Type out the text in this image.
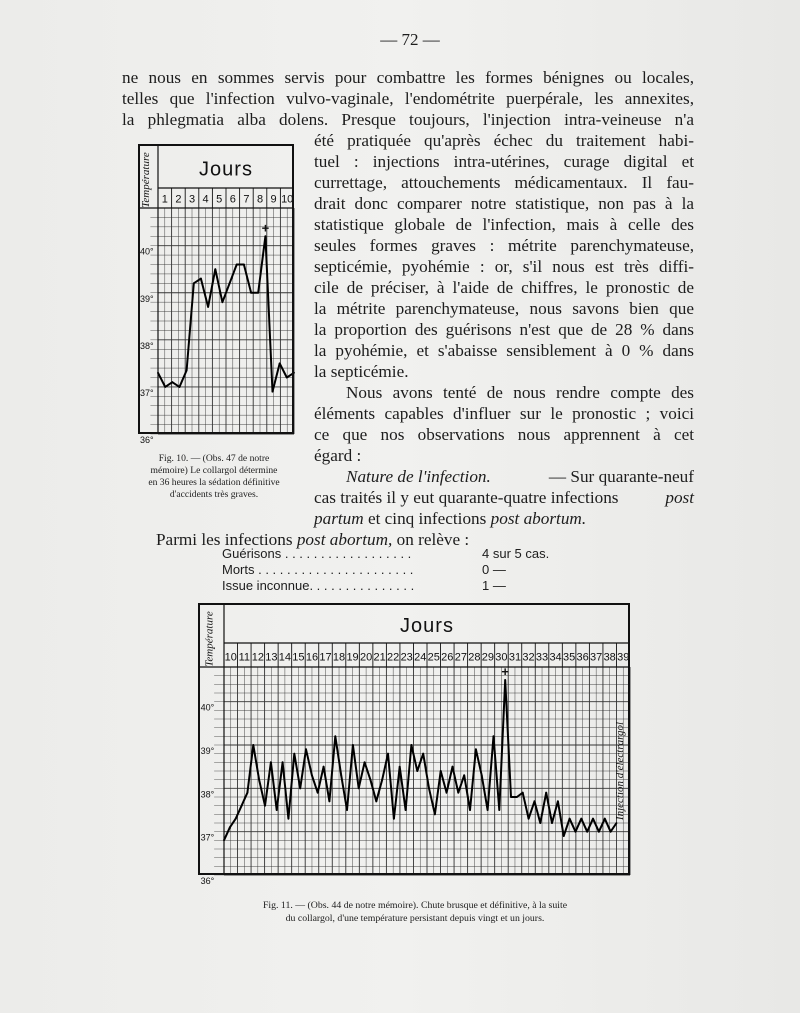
— 72 —
ne nous en sommes servis pour combattre les formes bénignes ou locales,
telles que l'infection vulvo-vaginale, l'endométrite puerpérale, les annexites,
la phlegmatia alba dolens. Presque toujours, l'injection intra-veineuse n'a
été pratiquée qu'après échec du traitement habi-
tuel : injections intra-utérines, curage digital et
currettage, attouchements médicamentaux. Il fau-
drait donc comparer notre statistique, non pas à la
statistique globale de l'infection, mais à celle des
seules formes graves : métrite parenchymateuse,
septicémie, pyohémie : or, s'il nous est très diffi-
cile de préciser, à l'aide de chiffres, le pronostic de
la métrite parenchymateuse, nous savons bien que
la proportion des guérisons n'est que de 28 % dans
la pyohémie, et s'abaisse sensiblement à 0 % dans
la septicémie.
Nous avons tenté de nous rendre compte des
éléments capables d'influer sur le pronostic ; voici
ce que nos observations nous apprennent à cet
égard :
Nature de l'infection.	— Sur quarante-neuf
cas traités il y eut quarante-quatre infections	post
partum et cinq infections post abortum.
Parmi les infections post abortum, on relève :
Guérisons . . . . . . . . . . . . . . . . . .	4 sur 5 cas.
Morts . . . . . . . . . . . . . . . . . . . . . .	0 —
Issue inconnue. . . . . . . . . . . . . . .	1 —
1 2 3 4 5 6 7 8 9 10
Jours
Température
40°
39°
38°
37°
36°
+
Fig. 10. — (Obs. 47 de notre
mémoire) Le collargol détermine
en 36 heures la sédation définitive
d'accidents très graves.
10 11 12 13 14 15 16 17 18 19 20 21 22 23 24 25 26 27 28 29 30 31 32 33 34 35 36 37 38 39
Jours
Température
40°
39°
38°
37°
36°
Injection d'électrargol
+
Fig. 11. — (Obs. 44 de notre mémoire). Chute brusque et définitive, à la suite
du collargol, d'une température persistant depuis vingt et un jours.
